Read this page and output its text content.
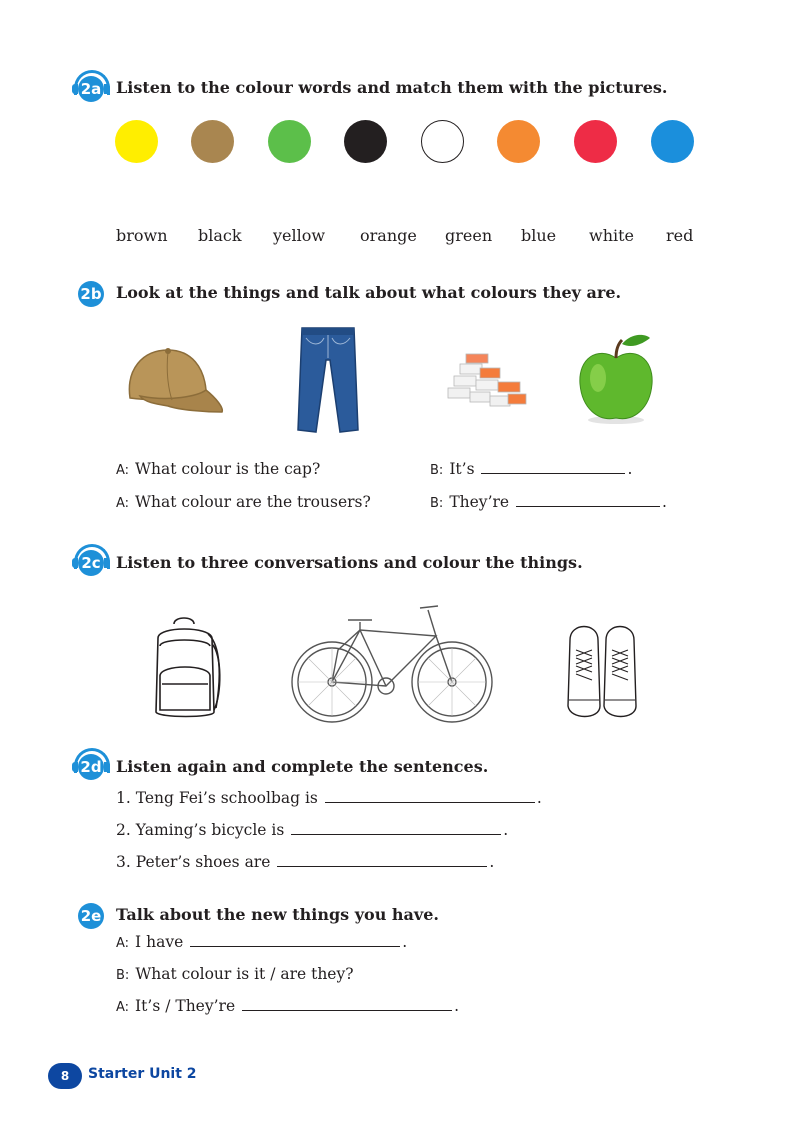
2a Listen to the colour words and match them with the pictures.
brown black yellow orange green blue white red
2b Look at the things and talk about what colours they are.
A: What colour is the cap?	B: It’s	.
A: What colour are the trousers?	B: They’re	.
2c Listen to three conversations and colour the things.
2d Listen again and complete the sentences.
1. Teng Fei’s schoolbag is	.
2. Yaming’s bicycle is	.
3. Peter’s shoes are	.
2e Talk about the new things you have.
A: I have	.
B: What colour is it / are they?
A: It’s / They’re	.
8	Starter Unit 2
